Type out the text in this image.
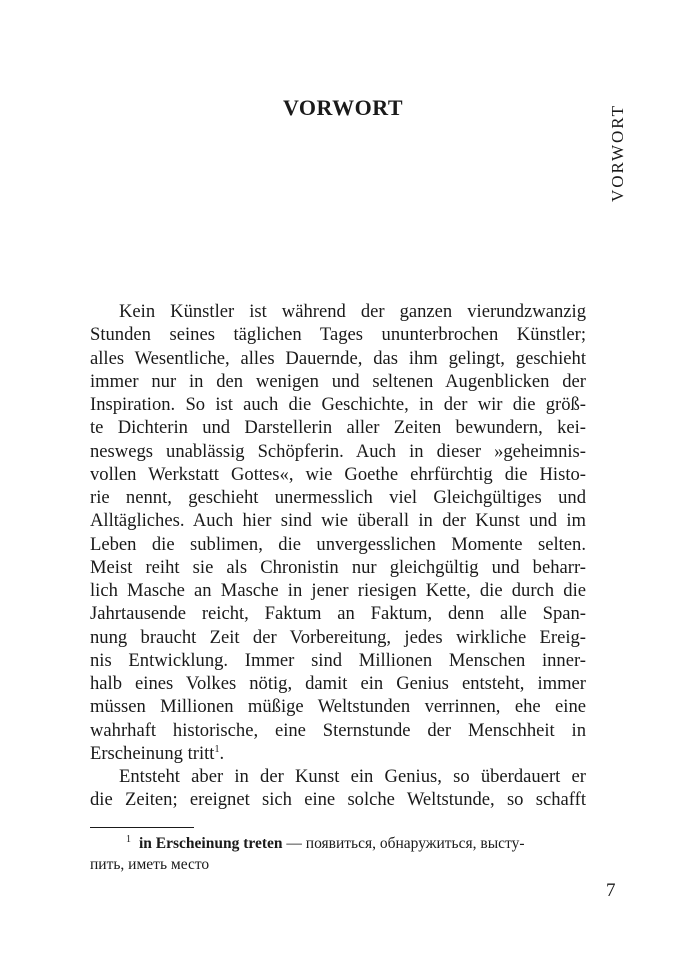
VORWORT	VORWORT
Kein Künstler ist während der ganzen vierundzwanzig
Stunden seines täglichen Tages ununterbrochen Künstler;
alles Wesentliche, alles Dauernde, das ihm gelingt, geschieht
immer nur in den wenigen und seltenen Augenblicken der
Inspiration. So ist auch die Geschichte, in der wir die größ-
te Dichterin und Darstellerin aller Zeiten bewundern, kei-
neswegs unablässig Schöpferin. Auch in dieser »geheimnis-
vollen Werkstatt Gottes«, wie Goethe ehrfürchtig die Histo-
rie nennt, geschieht unermesslich viel Gleichgültiges und
Alltägliches. Auch hier sind wie überall in der Kunst und im
Leben die sublimen, die unvergesslichen Momente selten.
Meist reiht sie als Chronistin nur gleichgültig und beharr-
lich Masche an Masche in jener riesigen Kette, die durch die
Jahrtausende reicht, Faktum an Faktum, denn alle Span-
nung braucht Zeit der Vorbereitung, jedes wirkliche Ereig-
nis Entwicklung. Immer sind Millionen Menschen inner-
halb eines Volkes nötig, damit ein Genius entsteht, immer
müssen Millionen müßige Weltstunden verrinnen, ehe eine
wahrhaft historische, eine Sternstunde der Menschheit in
Erscheinung tritt$^1$.
Entsteht aber in der Kunst ein Genius, so überdauert er
die Zeiten; ereignet sich eine solche Weltstunde, so schafft
$^1$ in Erscheinung treten — появиться, обнаружиться, высту-
пить, иметь место
7
